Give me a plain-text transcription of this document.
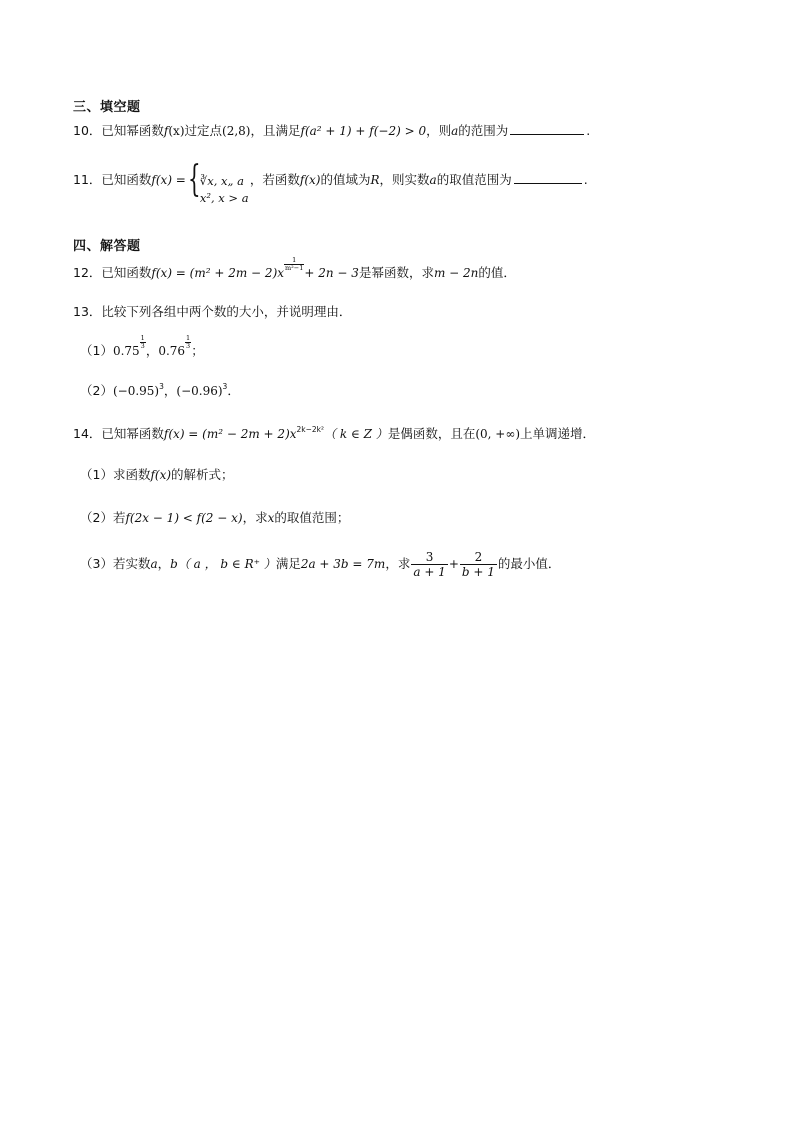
三、填空题
10．已知幂函数f(x)过定点(2,8)，且满足f(a² + 1) + f(−2) > 0，则a的范围为	.
11．已知函数f(x) = { ∛x, x„ a
x², x > a
，若函数f(x)的值域为R，则实数a的取值范围为	.
四、解答题
12．已知函数f(x) = (m² + 2m − 2)x
$\frac{1}{\text{m²−1}}$
+ 2n − 3是幂函数，求m − 2n的值．
13．比较下列各组中两个数的大小，并说明理由．
（1）0.75
$\frac{1}{3}$
，0.76
$\frac{1}{3}$
；
$(2)(-0.95)^3$，$(-0.96)^3$．
14．已知幂函数$f(x) = (m^2 - 2m + 2)x^{2k-2k^2}$（ k ∈ Z ）是偶函数，且在(0, +∞)上单调递增．
（1）求函数f(x)的解析式；
（2）若f(2x − 1) < f(2 − x)，求x的取值范围；
（3）若实数a，b（ a ， b ∈ R⁺ ）满足2a + 3b = 7m，求 $\frac{3}{a + 1} + \frac{2}{b + 1}$ 的最小值．
